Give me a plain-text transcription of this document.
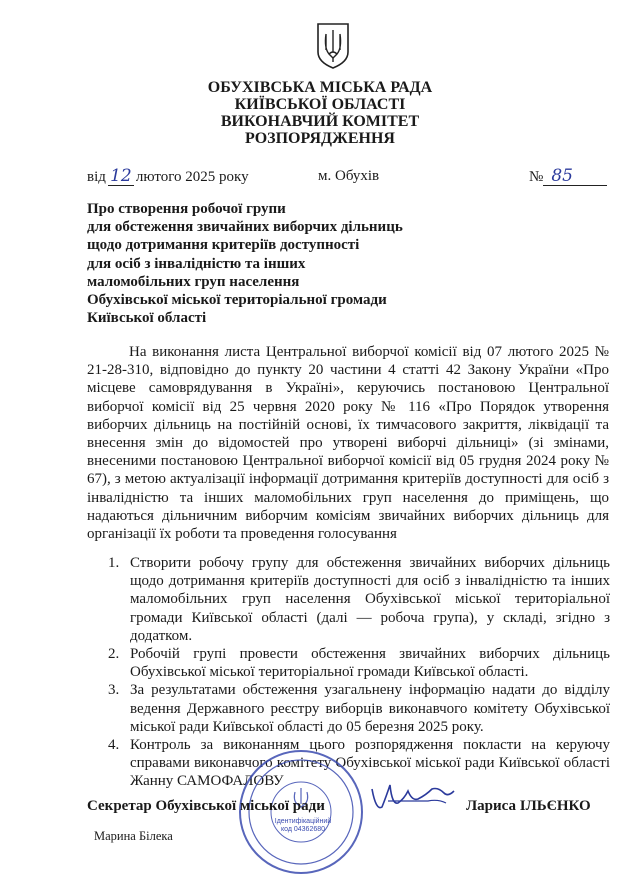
ОБУХІВСЬКА МІСЬКА РАДА
КИЇВСЬКОЇ ОБЛАСТІ
ВИКОНАВЧИЙ КОМІТЕТ
РОЗПОРЯДЖЕННЯ
від 12 лютого 2025 року	м. Обухів	№ 85
Про створення робочої групи
для обстеження звичайних виборчих дільниць
щодо дотримання критеріїв доступності
для осіб з інвалідністю та інших
маломобільних груп населення
Обухівської міської територіальної громади
Київської області
На виконання листа Центральної виборчої комісії від 07 лютого 2025 № 21-28-310, відповідно до пункту 20 частини 4 статті 42 Закону України «Про місцеве самоврядування в Україні», керуючись постановою Центральної виборчої комісії від 25 червня 2020 року № 116 «Про Порядок утворення виборчих дільниць на постійній основі, їх тимчасового закриття, ліквідації та внесення змін до відомостей про утворені виборчі дільниці» (зі змінами, внесеними постановою Центральної виборчої комісії від 05 грудня 2024 року № 67), з метою актуалізації інформації дотримання критеріїв доступності для осіб з інвалідністю та інших маломобільних груп населення до приміщень, що надаються дільничним виборчим комісіям звичайних виборчих дільниць для організації їх роботи та проведення голосування
1. Створити робочу групу для обстеження звичайних виборчих дільниць щодо дотримання критеріїв доступності для осіб з інвалідністю та інших маломобільних груп населення Обухівської міської територіальної громади Київської області (далі — робоча група), у складі, згідно з додатком.
2. Робочій групі провести обстеження звичайних виборчих дільниць Обухівської міської територіальної громади Київської області.
3. За результатами обстеження узагальнену інформацію надати до відділу ведення Державного реєстру виборців виконавчого комітету Обухівської міської ради Київської області до 05 березня 2025 року.
4. Контроль за виконанням цього розпорядження покласти на керуючу справами виконавчого комітету Обухівської міської ради Київської області Жанну САМОФАЛОВУ
Ідентифікаційний
код 04362680
Секретар Обухівської міської ради	Лариса ІЛЬЄНКО
Марина Білека
